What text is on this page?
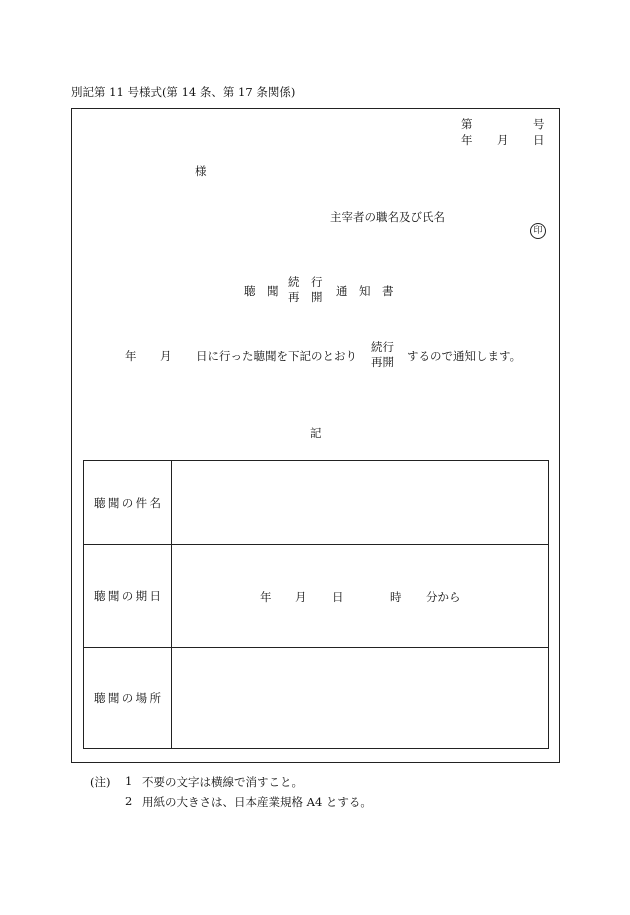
別記第 11 号様式(第 14 条、第 17 条関係)
第	号
年 月 日
様
主宰者の職名及び氏名
印
聴　聞
続　行
再　開 通　知　書
年 月 日に行った聴聞を下記のとおり
続行
再開 するので通知します。
記
聴 聞 の 件 名	

聴 聞 の 期 日	年 月 日 時 分から

聴 聞 の 場 所	

(注) 1 不要の文字は横線で消すこと。
2 用紙の大きさは、日本産業規格 A4 とする。
